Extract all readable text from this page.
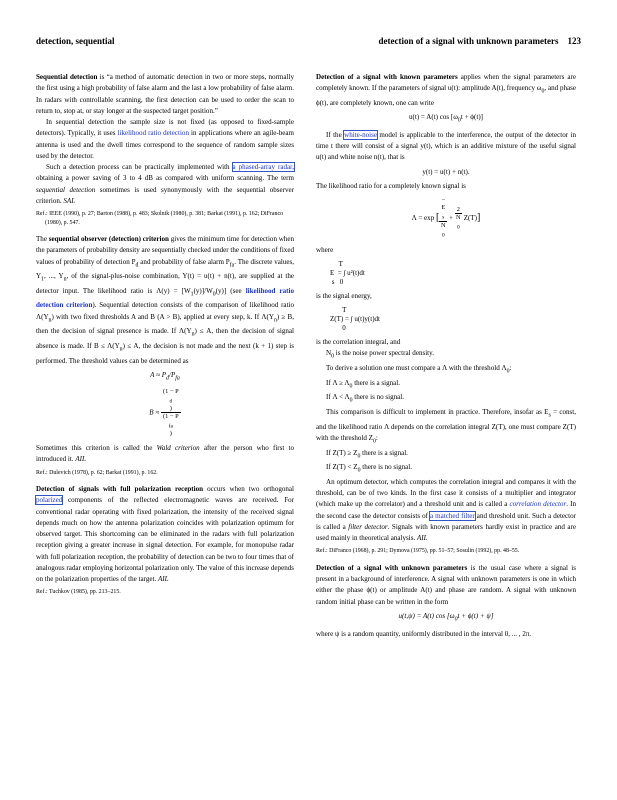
detection, sequential	detection of a signal with unknown parameters 123

Sequential detection is “a method of automatic detection in two or more steps, normally the first using a high probability of false alarm and the last a low probability of false alarm. In radars with controllable scanning, the first detection can be used to order the scan to return to, stop at, or stay longer at the suspected target position.”

In sequential detection the sample size is not fixed (as opposed to fixed-sample detectors). Typically, it uses likelihood ratio detection in applications where an agile-beam antenna is used and the dwell times correspond to the sequence of random sample sizes used by the detector.

Such a detection process can be practically implemented with a phased-array radar, obtaining a power saving of 3 to 4 dB as compared with uniform scanning. The term sequential detection sometimes is used synonymously with the sequential observer criterion. SAL

Ref.: IEEE (1990), p. 27; Barton (1988), p. 483; Skolnik (1980), p. 381; Barkat (1991), p. 162; DiFranco (1980), p. 547.

The sequential observer (detection) criterion gives the minimum time for detection when the parameters of probability density are sequentially checked under the conditions of fixed values of probability of detection $P_d$ and probability of false alarm $P_{fa}$. The discrete values, $Y_1$, ..., $Y_n$, of the signal-plus-noise combination, Y(t) = u(t) + n(t), are supplied at the detector input. The likelihood ratio is $\Lambda(y) = [W_1(y)]/W_0(y)$] (see likelihood ratio detection criterion). Sequential detection consists of the comparison of likelihood ratio $\Lambda(Y_n)$ with two fixed thresholds A and B (A > B), applied at every step, k. If $\Lambda(Y_n) \ge B$, then the decision of signal presence is made. If $\Lambda(Y_n) \le A$, then the decision of signal absence is made. If $B \le \Lambda(Y_n) \le A$, the decision is not made and the next (k + 1) step is performed. The threshold values can be determined as

$A \approx P_d/P_{fa}$
B ≈ (1 − P
$_d$
)
(1 − P
$_{fa}$
)

Sometimes this criterion is called the Wald criterion after the person who first to introduced it. AIL

Ref.: Dulevich (1978), p. 62; Barkat (1991), p. 162.

Detection of signals with full polarization reception occurs when two orthogonal polarized components of the reflected electromagnetic waves are received. For conventional radar operating with fixed polarization, the intensity of the received signal depends much on how the antenna polarization coincides with polarization optimum for observed target. This shortcoming can be eliminated in the radars with full polarization reception giving a greater increase in signal detection. For example, for monopulse radar with full polarization reception, the probability of detection can be two to four times that of analogous radar employing horizontal polarization only. The value of this increase depends on the polarization properties of the target. AIL

Ref.: Tuchkov (1985), pp. 213–215.

Detection of a signal with known parameters applies when the signal parameters are completely known. If the parameters of signal u(t): amplitude A(t), frequency $\omega_0$, and phase ϕ(t), are completely known, one can write

u(t) = A(t) $\cos [\omega_0t + \phi(t)]$

If the white-noise model is applicable to the interference, the output of the detector in time t there will consist of a signal y(t), which is an additive mixture of the useful signal u(t) and white noise n(t), that is

y(t) = u(t) + n(t).

The likelihood ratio for a completely known signal is

Λ = exp [ −
E
$_s$
N
$_0$ + 2
N
$_0$ Z(T)]

where

T
E  = ∫ u²(t)dt
s   0

is the signal energy,

T
Z(T) = ∫ u(t)y(t)dt
0

is the correlation integral, and

$N_0$ is the noise power spectral density.

To derive a solution one must compare a Λ with the threshold $\Lambda_0$:

If $\Lambda \ge \Lambda_0$ there is a signal.

If $\Lambda < \Lambda_0$ there is no signal.

This comparison is difficult to implement in practice. Therefore, insofar as $E_s$ = const, and the likelihood ratio Λ depends on the correlation integral Z(T), one must compare Z(T) with the threshold $Z_0$:

If $Z(T) \ge Z_0$ there is a signal.

If $Z(T) < Z_0$ there is no signal.

An optimum detector, which computes the correlation integral and compares it with the threshold, can be of two kinds. In the first case it consists of a multiplier and integrator (which make up the correlator) and a threshold unit and is called a correlation detector. In the second case the detector consists of a matched filter and threshold unit. Such a detector is called a filter detector. Signals with known parameters hardly exist in practice and are used mainly in theoretical analysis. AIL

Ref.: DiFranco (1968), p. 291; Dymova (1975), pp. 51–57; Sosulin (1992), pp. 48–55.

Detection of a signal with unknown parameters is the usual case where a signal is present in a background of interference. A signal with unknown parameters is one in which either the phase ϕ(t) or amplitude A(t) and phase are random. A signal with unknown random initial phase can be written in the form

u(t,ψ) = A(t) $\cos [\omega_0t + \phi(t) + \psi]$

where ψ is a random quantity, uniformly distributed in the interval 0, ... , 2π.
